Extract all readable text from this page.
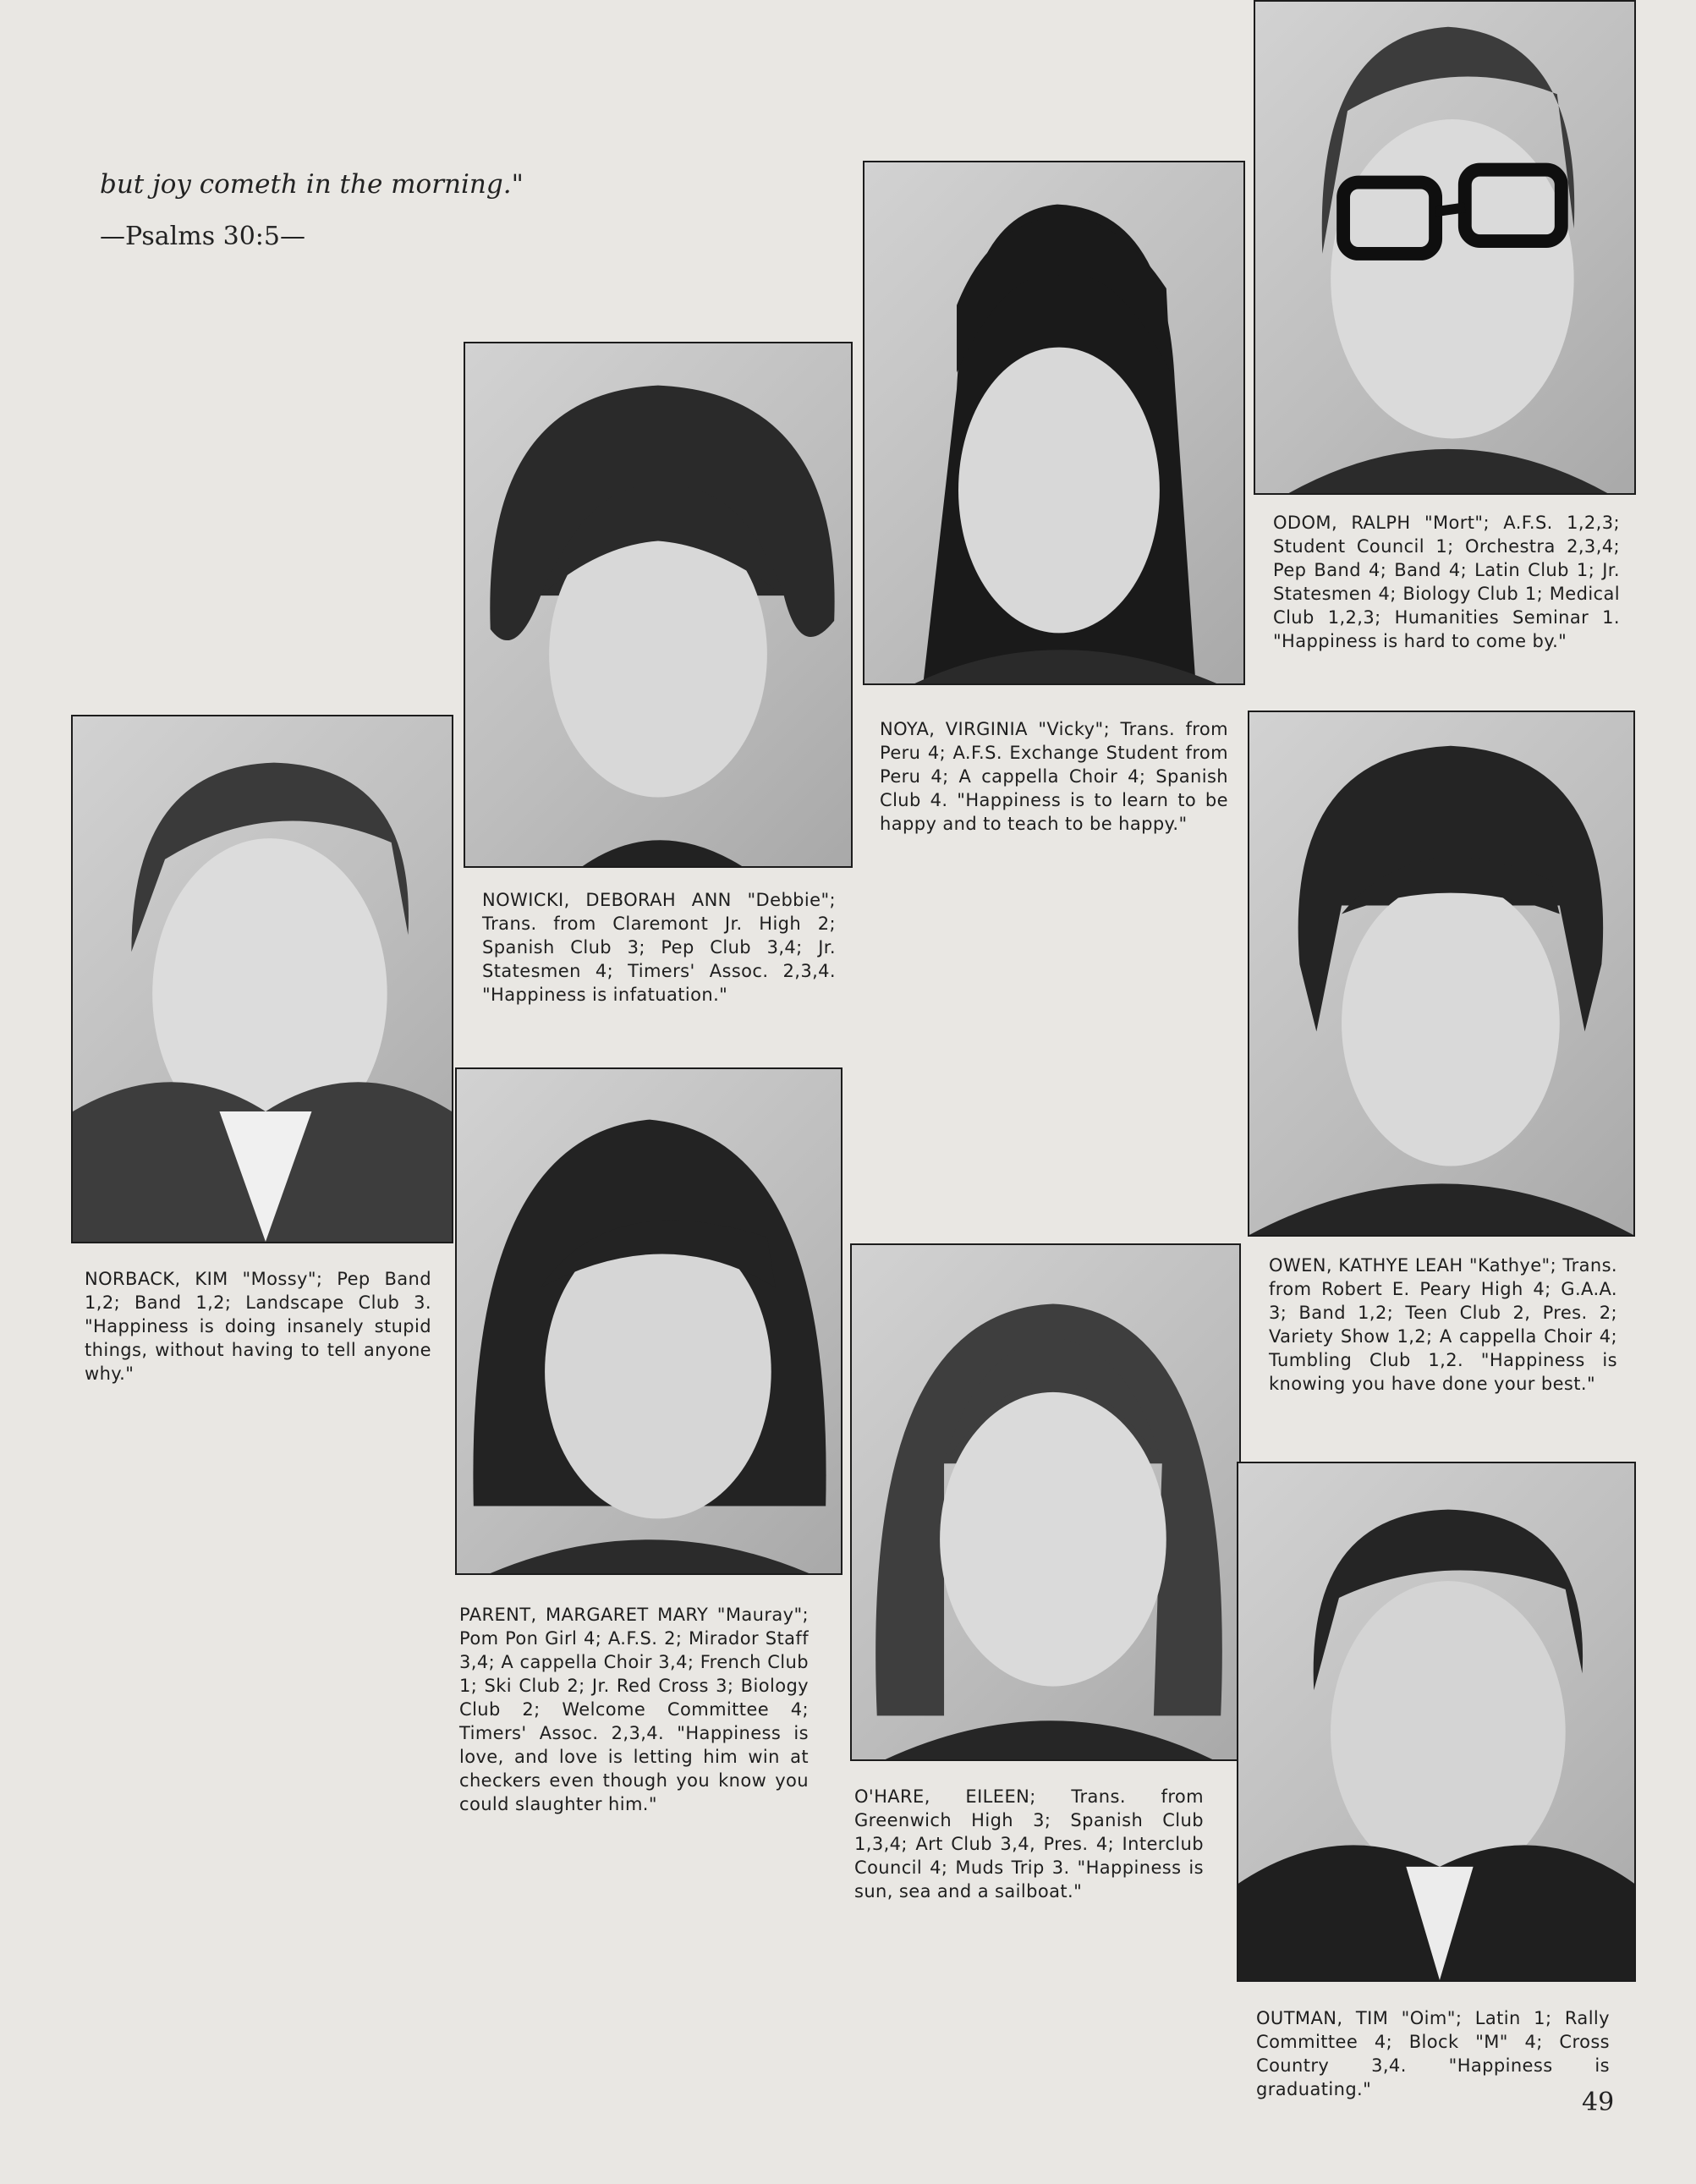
but joy cometh in the morning."
—Psalms 30:5—
NOYA, VIRGINIA "Vicky"; Trans. from Peru 4; A.F.S. Exchange Student from Peru 4; A cappella Choir 4; Spanish Club 4. "Happiness is to learn to be happy and to teach to be happy."
ODOM, RALPH "Mort"; A.F.S. 1,2,3; Student Council 1; Orchestra 2,3,4; Pep Band 4; Band 4; Latin Club 1; Jr. Statesmen 4; Biology Club 1; Medical Club 1,2,3; Humanities Seminar 1. "Happiness is hard to come by."
NOWICKI, DEBORAH ANN "Debbie"; Trans. from Claremont Jr. High 2; Spanish Club 3; Pep Club 3,4; Jr. Statesmen 4; Timers' Assoc. 2,3,4. "Happiness is infatuation."
NORBACK, KIM "Mossy"; Pep Band 1,2; Band 1,2; Landscape Club 3. "Happiness is doing insanely stupid things, without having to tell anyone why."
OWEN, KATHYE LEAH "Kathye"; Trans. from Robert E. Peary High 4; G.A.A. 3; Band 1,2; Teen Club 2, Pres. 2; Variety Show 1,2; A cappella Choir 4; Tumbling Club 1,2. "Happiness is knowing you have done your best."
PARENT, MARGARET MARY "Mauray"; Pom Pon Girl 4; A.F.S. 2; Mirador Staff 3,4; A cappella Choir 3,4; French Club 1; Ski Club 2; Jr. Red Cross 3; Biology Club 2; Welcome Committee 4; Timers' Assoc. 2,3,4. "Happiness is love, and love is letting him win at checkers even though you know you could slaughter him."	O'HARE, EILEEN; Trans. from Greenwich High 3; Spanish Club 1,3,4; Art Club 3,4, Pres. 4; Interclub Council 4; Muds Trip 3. "Happiness is sun, sea and a sailboat."
OUTMAN, TIM "Oim"; Latin 1; Rally Committee 4; Block "M" 4; Cross Country 3,4. "Happiness is graduating."	49
